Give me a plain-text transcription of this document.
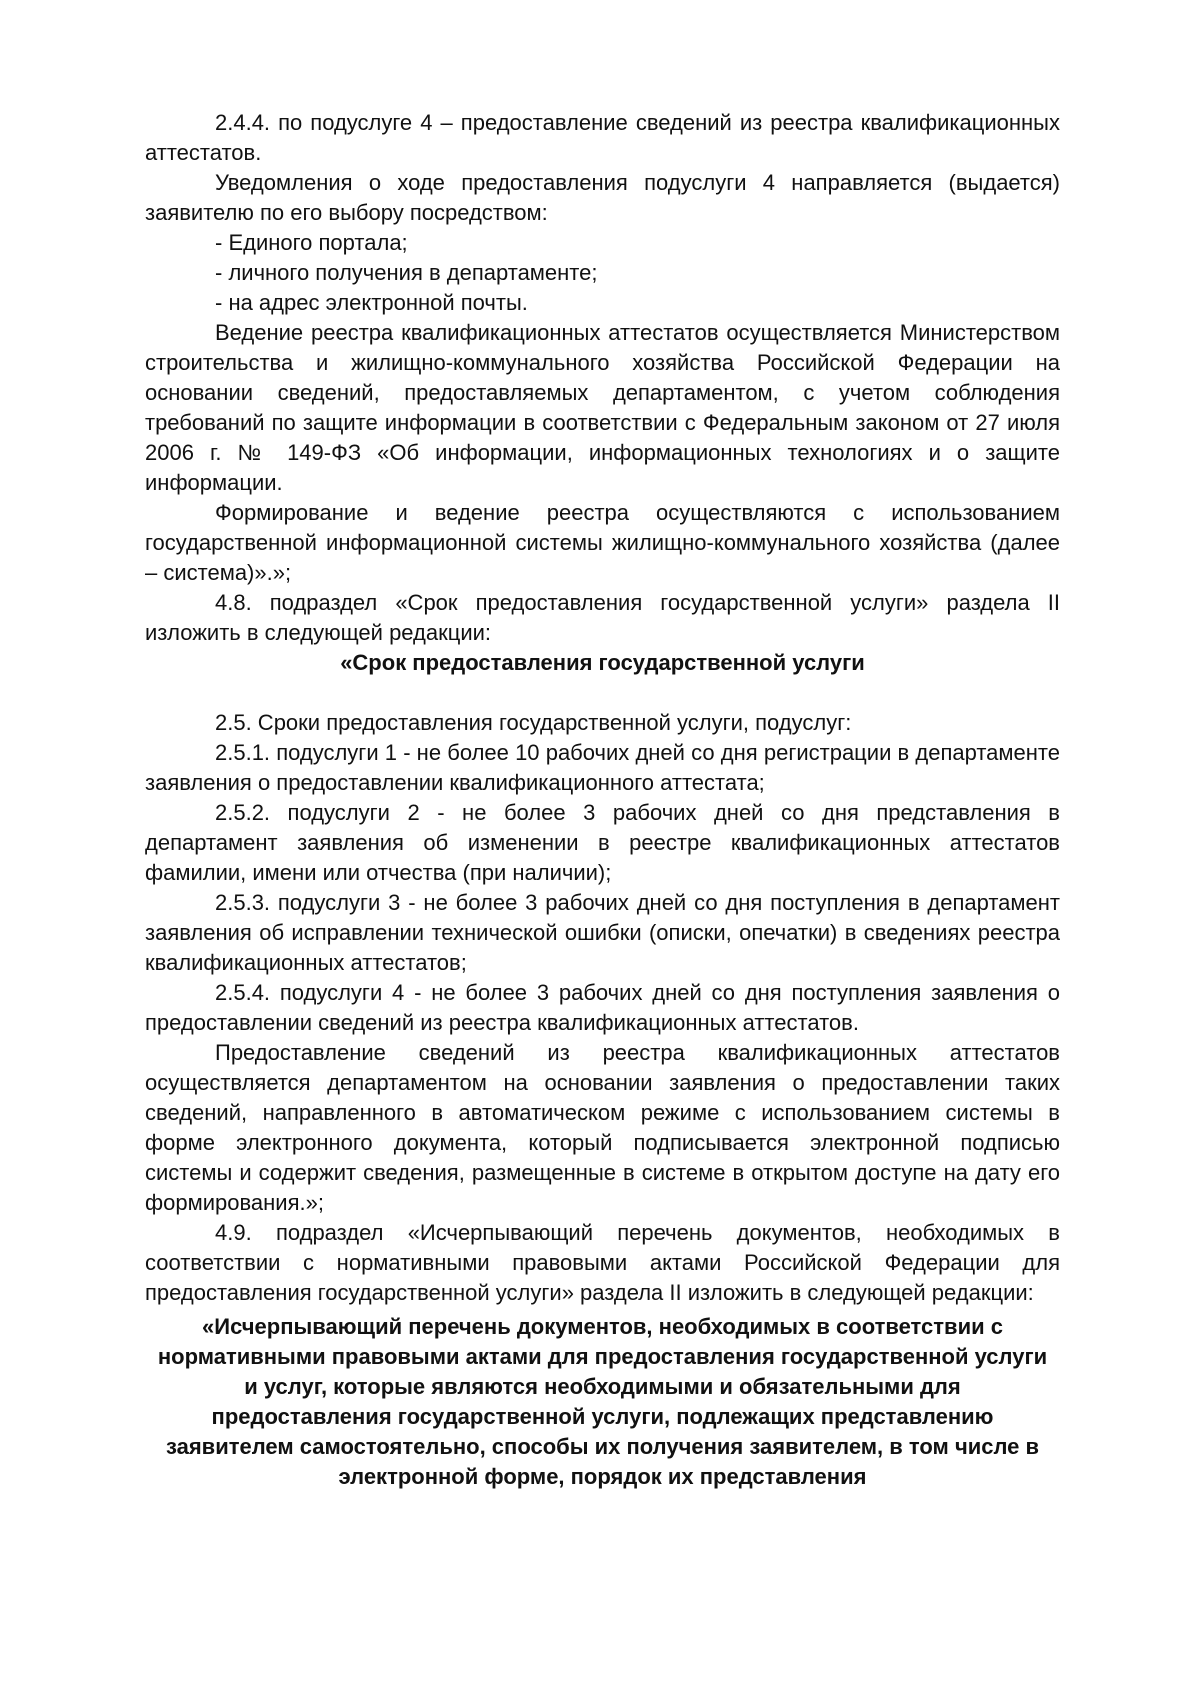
2.4.4. по подуслуге 4 – предоставление сведений из реестра квалификационных аттестатов.

Уведомления о ходе предоставления подуслуги 4 направляется (выдается) заявителю по его выбору посредством:

- Единого портала;

- личного получения в департаменте;

- на адрес электронной почты.

Ведение реестра квалификационных аттестатов осуществляется Министерством строительства и жилищно-коммунального хозяйства Российской Федерации на основании сведений, предоставляемых департаментом, с учетом соблюдения требований по защите информации в соответствии с Федеральным законом от 27 июля 2006 г. № 149-ФЗ «Об информации, информационных технологиях и о защите информации.

Формирование и ведение реестра осуществляются с использованием государственной информационной системы жилищно-коммунального хозяйства (далее – система)».»;

4.8. подраздел «Срок предоставления государственной услуги» раздела II изложить в следующей редакции:

«Срок предоставления государственной услуги

2.5. Сроки предоставления государственной услуги, подуслуг:

2.5.1. подуслуги 1 - не более 10 рабочих дней со дня регистрации в департаменте заявления о предоставлении квалификационного аттестата;

2.5.2. подуслуги 2 - не более 3 рабочих дней со дня представления в департамент заявления об изменении в реестре квалификационных аттестатов фамилии, имени или отчества (при наличии);

2.5.3. подуслуги 3 - не более 3 рабочих дней со дня поступления в департамент заявления об исправлении технической ошибки (описки, опечатки) в сведениях реестра квалификационных аттестатов;

2.5.4. подуслуги 4 - не более 3 рабочих дней со дня поступления заявления о предоставлении сведений из реестра квалификационных аттестатов.

Предоставление сведений из реестра квалификационных аттестатов осуществляется департаментом на основании заявления о предоставлении таких сведений, направленного в автоматическом режиме с использованием системы в форме электронного документа, который подписывается электронной подписью системы и содержит сведения, размещенные в системе в открытом доступе на дату его формирования.»;

4.9. подраздел «Исчерпывающий перечень документов, необходимых в соответствии с нормативными правовыми актами Российской Федерации для предоставления государственной услуги» раздела II изложить в следующей редакции:

«Исчерпывающий перечень документов, необходимых в соответствии с нормативными правовыми актами для предоставления государственной услуги и услуг, которые являются необходимыми и обязательными для предоставления государственной услуги, подлежащих представлению заявителем самостоятельно, способы их получения заявителем, в том числе в электронной форме, порядок их представления
